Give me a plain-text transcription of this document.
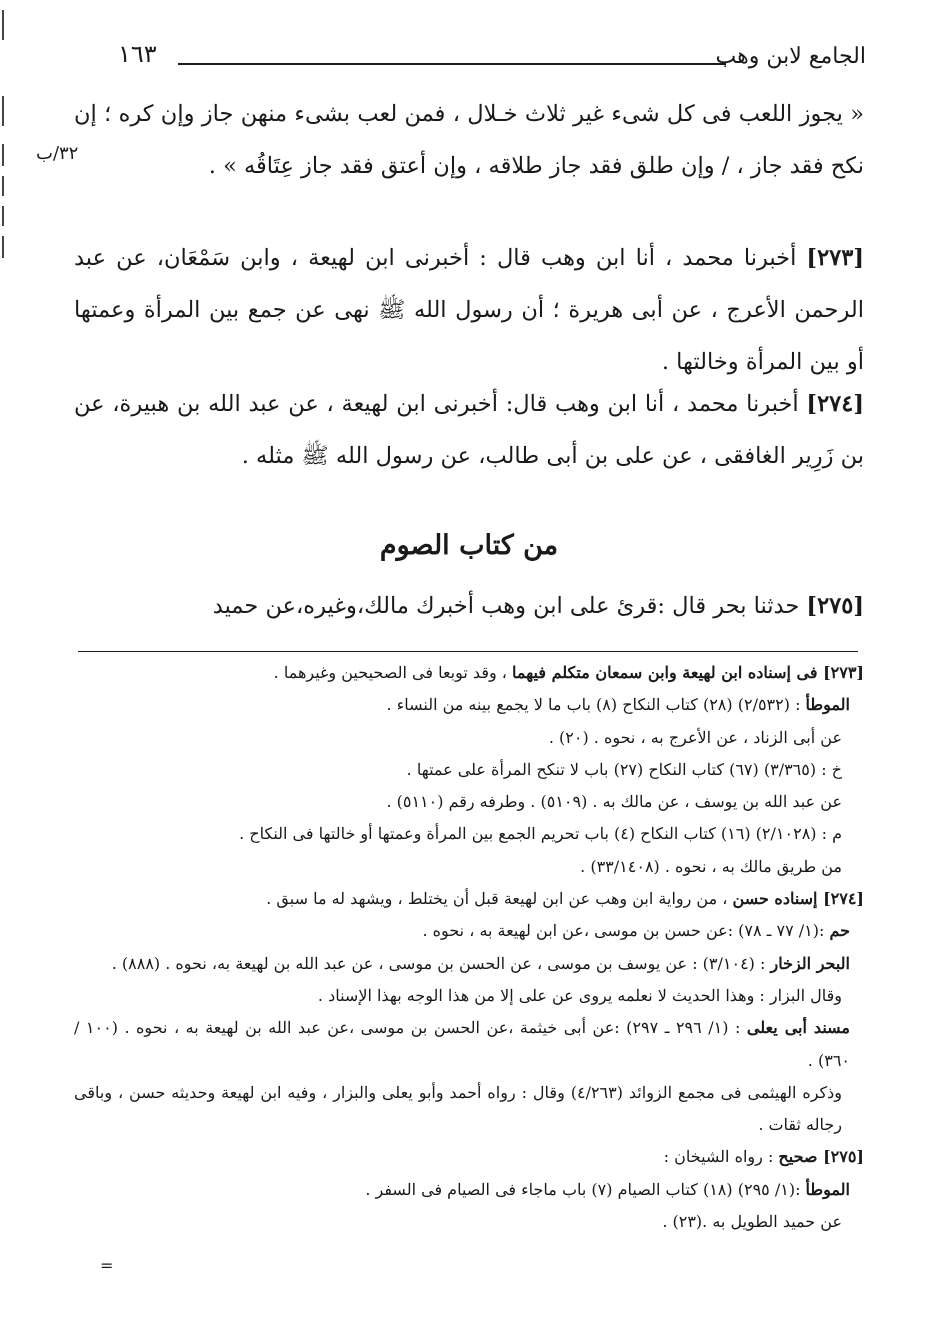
الجامع لابن وهب
١٦٣
٣٢/ب
« يجوز اللعب فى كل شىء غير ثلاث خـلال ، فمن لعب بشىء منهن جاز وإن كره ؛ إن نكح فقد جاز ، / وإن طلق فقد جاز طلاقه ، وإن أعتق فقد جاز عِتَاقُه » .
[٢٧٣] أخبرنا محمد ، أنا ابن وهب قال : أخبرنى ابن لهيعة ، وابن سَمْعَان، عن عبد الرحمن الأعرج ، عن أبى هريرة ؛ أن رسول الله ﷺ نهى عن جمع بين المرأة وعمتها أو بين المرأة وخالتها .
[٢٧٤] أخبرنا محمد ، أنا ابن وهب قال: أخبرنى ابن لهيعة ، عن عبد الله بن هبيرة، عن بن زَرِير الغافقى ، عن على بن أبى طالب، عن رسول الله ﷺ مثله .
من كتاب الصوم
[٢٧٥] حدثنا بحر قال :قرئ على ابن وهب أخبرك مالك،وغيره،عن حميد
[٢٧٣] فى إسناده ابن لهيعة وابن سمعان متكلم فيهما ، وقد توبعا فى الصحيحين وغيرهما .
الموطأ : (٢/٥٣٢) (٢٨) كتاب النكاح (٨) باب ما لا يجمع بينه من النساء .
عن أبى الزناد ، عن الأعرج به ، نحوه . (٢٠) .
خ : (٣/٣٦٥) (٦٧) كتاب النكاح (٢٧) باب لا تنكح المرأة على عمتها .
عن عبد الله بن يوسف ، عن مالك به . (٥١٠٩) . وطرفه رقم (٥١١٠) .
م : (٢/١٠٢٨) (١٦) كتاب النكاح (٤) باب تحريم الجمع بين المرأة وعمتها أو خالتها فى النكاح .
من طريق مالك به ، نحوه . (٣٣/١٤٠٨) .
[٢٧٤] إسناده حسن ، من رواية ابن وهب عن ابن لهيعة قبل أن يختلط ، ويشهد له ما سبق .
حم :(١/ ٧٧ ـ ٧٨) :عن حسن بن موسى ،عن ابن لهيعة به ، نحوه .
البحر الزخار : (٣/١٠٤) : عن يوسف بن موسى ، عن الحسن بن موسى ، عن عبد الله بن لهيعة به، نحوه . (٨٨٨) .
وقال البزار : وهذا الحديث لا نعلمه يروى عن على إلا من هذا الوجه بهذا الإسناد .
مسند أبى يعلى : (١/ ٢٩٦ ـ ٢٩٧) :عن أبى خيثمة ،عن الحسن بن موسى ،عن عبد الله بن لهيعة به ، نحوه . (١٠٠ / ٣٦٠) .
وذكره الهيثمى فى مجمع الزوائد (٤/٢٦٣) وقال : رواه أحمد وأبو يعلى والبزار ، وفيه ابن لهيعة وحديثه حسن ، وباقى رجاله ثقات .
[٢٧٥] صحيح : رواه الشيخان :
الموطأ :(١/ ٢٩٥) (١٨) كتاب الصيام (٧) باب ماجاء فى الصيام فى السفر .
عن حميد الطويل به .(٢٣) .
=
